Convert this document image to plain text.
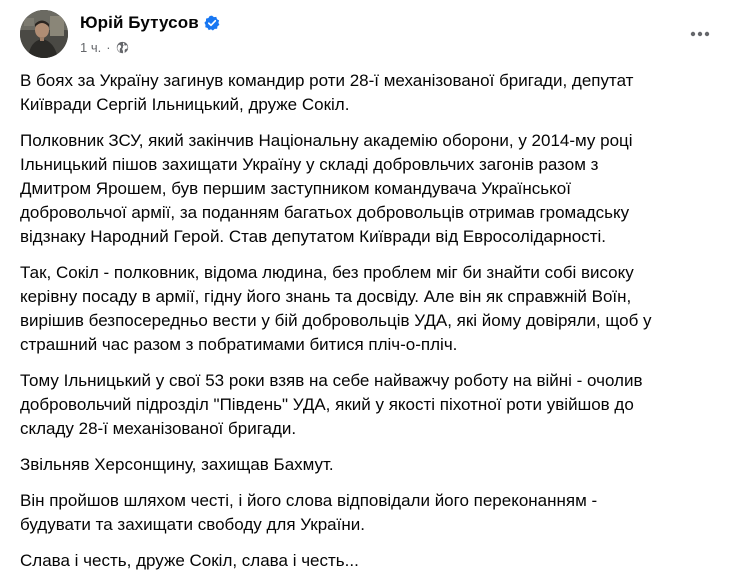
Юрій Бутусов
1 ч. ·

В боях за Україну загинув командир роти 28-ї механізованої бригади, депутат
Київради Сергій Ільницький, друже Сокіл.

Полковник ЗСУ, який закінчив Національну академію оборони, у 2014-му році
Ільницький пішов захищати Україну у складі добровльчих загонів разом з
Дмитром Ярошем, був першим заступником командувача Української
добровольчої армії, за поданням багатьох добровольців отримав громадську
відзнаку Народний Герой. Став депутатом Київради від Евросолідарності.

Так, Сокіл - полковник, відома людина, без проблем міг би знайти собі високу
керівну посаду в армії, гідну його знань та досвіду. Але він як справжній Воїн,
вирішив безпосередньо вести у бій добровольців УДА, які йому довіряли, щоб у
страшний час разом з побратимами битися пліч-о-пліч.

Тому Ільницький у свої 53 роки взяв на себе найважчу роботу на війні - очолив
добровольчий підрозділ "Південь" УДА, який у якості піхотної роти увійшов до
складу 28-ї механізованої бригади.

Звільняв Херсонщину, захищав Бахмут.

Він пройшов шляхом честі, і його слова відповідали його переконанням -
будувати та захищати свободу для України.

Слава і честь, друже Сокіл, слава і честь...
